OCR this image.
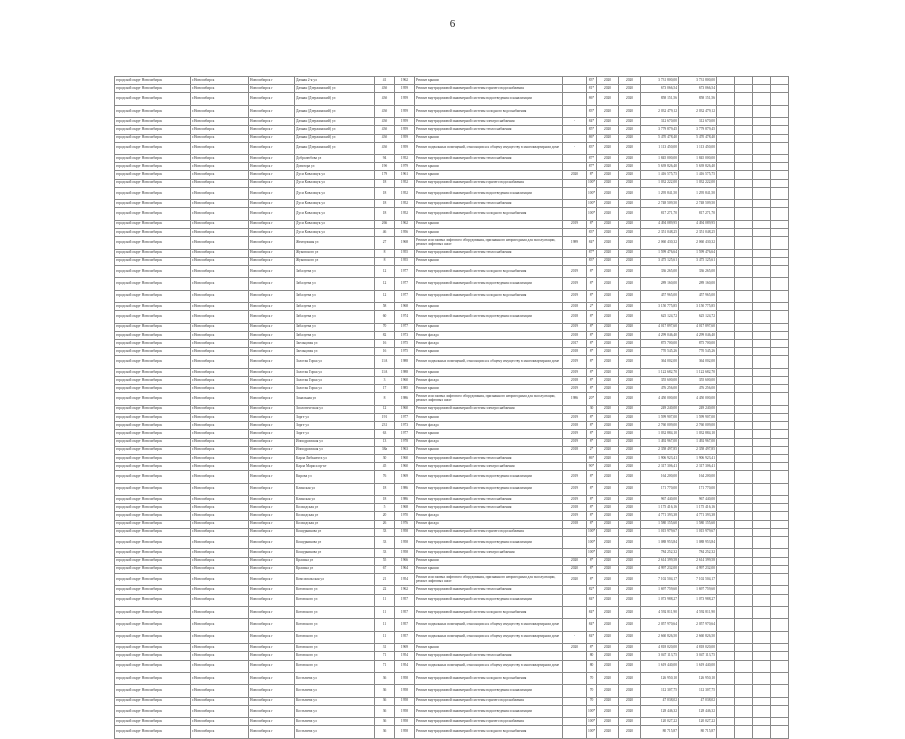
6
городской округ Новосибирск	г.Новосибирск	Новосибирск г	Дачная 2-я ул	41	1962	Ремонт крыши		83*	2020	2020	3 731 800,00	3 731 800,00				
городской округ Новосибирск	г.Новосибирск	Новосибирск г	Дачная (Дзержинский) ул	43б	1959	Ремонт внутридомовой инженерной системы горячего водоснабжения		81*	2020	2020	673 066,54	673 066,54				
городской округ Новосибирск	г.Новосибирск	Новосибирск г	Дачная (Дзержинский) ул	43б	1959	Ремонт внутридомовой инженерной системы водоотведения и канализации		86*	2020	2020	858 151,56	858 151,56				
городской округ Новосибирск	г.Новосибирск	Новосибирск г	Дачная (Дзержинский) ул	43б	1959	Ремонт внутридомовой инженерной системы холодного водоснабжения		83*	2020	2020	2 032 479,12	2 032 479,12				
городской округ Новосибирск	г.Новосибирск	Новосибирск г	Дачная (Дзержинский) ул	43б	1959	Ремонт внутридомовой инженерной системы электроснабжения	-	84*	2020	2020	312 670,00	312 670,00				
городской округ Новосибирск	г.Новосибирск	Новосибирск г	Дачная (Дзержинский) ул	43б	1959	Ремонт внутридомовой инженерной системы теплоснабжения		85*	2020	2020	3 779 879,45	3 779 879,45				
городской округ Новосибирск	г.Новосибирск	Новосибирск г	Дачная (Дзержинский) ул	43б	1959	Ремонт крыши		86*	2020	2020	5 470 478,40	5 470 478,40				
городской округ Новосибирск	г.Новосибирск	Новосибирск г	Дачная (Дзержинский) ул	43б	1959	Ремонт подвальных помещений, относящихся к общему имуществу в многоквартирном доме	-	83*	2020	2020	1 113 450,00	1 113 450,00				
городской округ Новосибирск	г.Новосибирск	Новосибирск г	Добролюбова ул	94	1952	Ремонт внутридомовой инженерной системы теплоснабжения		87*	2020	2020	1 845 000,00	1 845 000,00				
городской округ Новосибирск	г.Новосибирск	Новосибирск г	Доватора ул	19б	1979	Ремонт крыши		87*	2020	2020	5 639 826,40	5 639 826,40				
городской округ Новосибирск	г.Новосибирск	Новосибирск г	Дуси Ковальчук ул	179	1961	Ремонт крыши	2020	8*	2020	2020	1 416 575,75	1 416 575,75				
городской округ Новосибирск	г.Новосибирск	Новосибирск г	Дуси Ковальчук ул	18	1952	Ремонт внутридомовой инженерной системы горячего водоснабжения		100*	2020	2020	1 032 222,00	1 032 222,00				
городской округ Новосибирск	г.Новосибирск	Новосибирск г	Дуси Ковальчук ул	18	1952	Ремонт внутридомовой инженерной системы водоотведения и канализации		100*	2020	2020	1 295 841,50	1 295 841,50				
городской округ Новосибирск	г.Новосибирск	Новосибирск г	Дуси Ковальчук ул	18	1952	Ремонт внутридомовой инженерной системы теплоснабжения		100*	2020	2020	2 748 509,50	2 748 509,50				
городской округ Новосибирск	г.Новосибирск	Новосибирск г	Дуси Ковальчук ул	18	1952	Ремонт внутридомовой инженерной системы холодного водоснабжения		100*	2020	2020	817 271,70	817 271,70				
городской округ Новосибирск	г.Новосибирск	Новосибирск г	Дуси Ковальчук ул	266	1962	Ремонт крыши	2019	8*	2020	2020	4 494 089,95	4 494 089,95				
городской округ Новосибирск	г.Новосибирск	Новосибирск г	Дуси Ковальчук ул	46	1956	Ремонт крыши		83*	2020	2020	2 351 048,25	2 351 048,25				
городской округ Новосибирск	г.Новосибирск	Новосибирск г	Жемчужная ул	27	1968	Ремонт или замена лифтового оборудования, признанного непригодным для эксплуатации, ремонт лифтовых шахт	1989	84*	2020	2020	2 060 430,32	2 060 430,32				
городской округ Новосибирск	г.Новосибирск	Новосибирск г	Жуковского ул	8	1955	Ремонт внутридомовой инженерной системы теплоснабжения		87*	2020	2020	1 599 476,64	1 599 476,64				
городской округ Новосибирск	г.Новосибирск	Новосибирск г	Жуковского ул	8	1955	Ремонт крыши		83*	2020	2020	3 475 125,61	3 475 125,61				
городской округ Новосибирск	г.Новосибирск	Новосибирск г	Забалуева ул	12	1977	Ремонт внутридомовой инженерной системы холодного водоснабжения	2019	8*	2020	2020	336 265,00	336 265,00				
городской округ Новосибирск	г.Новосибирск	Новосибирск г	Забалуева ул	12	1977	Ремонт внутридомовой инженерной системы водоотведения и канализации	2019	8*	2020	2020	289 160,00	289 160,00				
городской округ Новосибирск	г.Новосибирск	Новосибирск г	Забалуева ул	12	1977	Ремонт внутридомовой инженерной системы холодного водоснабжения	2019	8*	2020	2020	457 965,00	457 965,00				
городской округ Новосибирск	г.Новосибирск	Новосибирск г	Забалуева ул	58	1968	Ремонт крыши	2018	2*	2020	2020	3 150 775,85	3 150 775,85				
городской округ Новосибирск	г.Новосибирск	Новосибирск г	Забалуева ул	60	1974	Ремонт внутридомовой инженерной системы водоотведения и канализации	2018	8*	2020	2020	625 124,72	625 124,72				
городской округ Новосибирск	г.Новосибирск	Новосибирск г	Забалуева ул	70	1977	Ремонт крыши	2019	8*	2020	2020	4 017 897,60	4 017 897,60				
городской округ Новосибирск	г.Новосибирск	Новосибирск г	Забалуева ул	82	1973	Ремонт фасада	2018	8*	2020	2020	4 299 046,40	4 299 046,40				
городской округ Новосибирск	г.Новосибирск	Новосибирск г	Заельцовая ул	16	1975	Ремонт фасада	2017	8*	2020	2020	875 700,00	875 700,00				
городской округ Новосибирск	г.Новосибирск	Новосибирск г	Заельцовая ул	16	1975	Ремонт крыши	2018	8*	2020	2020	770 545,26	770 545,26				
городской округ Новосибирск	г.Новосибирск	Новосибирск г	Золотая Горка ул	11А	1988	Ремонт подвальных помещений, относящихся к общему имуществу в многоквартирном доме	2019	8*	2020	2020	364 002,00	364 002,00				
городской округ Новосибирск	г.Новосибирск	Новосибирск г	Золотая Горка ул	11А	1988	Ремонт крыши	2019	8*	2020	2020	1 122 682,70	1 122 682,70				
городской округ Новосибирск	г.Новосибирск	Новосибирск г	Золотая Горка ул	3	1960	Ремонт фасада	2018	8*	2020	2020	355 600,00	355 600,00				
городской округ Новосибирск	г.Новосибирск	Новосибирск г	Золотая Горка ул	17	1985	Ремонт крыши	2019	8*	2020	2020	476 256,00	476 256,00				
городской округ Новосибирск	г.Новосибирск	Новосибирск г	Зональная ул	8	1986	Ремонт или замена лифтового оборудования, признанного непригодным для эксплуатации, ремонт лифтовых шахт	1986	20*	2020	2020	4 450 000,00	4 450 000,00				
городской округ Новосибирск	г.Новосибирск	Новосибирск г	Зоологическая ул	12	1960	Ремонт внутридомовой инженерной системы электроснабжения		30	2020	2020	249 240,00	249 240,00				
городской округ Новосибирск	г.Новосибирск	Новосибирск г	Зорге ул	191	1977	Ремонт крыши	2019	8*	2020	2020	1 599 907,00	1 599 907,00				
городской округ Новосибирск	г.Новосибирск	Новосибирск г	Зорге ул	231	1973	Ремонт фасада	2018	8*	2020	2020	2 760 009,00	2 760 009,00				
городской округ Новосибирск	г.Новосибирск	Новосибирск г	Зорге ул	63	1977	Ремонт крыши	2019	8*	2020	2020	1 032 884,10	1 032 884,10				
городской округ Новосибирск	г.Новосибирск	Новосибирск г	Ипподромская ул	13	1978	Ремонт фасада	2019	8*	2020	2020	1 492 967,00	1 492 967,00				
городской округ Новосибирск	г.Новосибирск	Новосибирск г	Ипподромская ул	38а	1963	Ремонт крыши	2018	2*	2020	2020	2 358 497,85	2 358 497,85				
городской округ Новосибирск	г.Новосибирск	Новосибирск г	Карла Либкнехта ул	30	1960	Ремонт внутридомовой инженерной системы теплоснабжения		86*	2020	2020	1 906 923,41	1 906 923,41				
городской округ Новосибирск	г.Новосибирск	Новосибирск г	Карла Маркса пр-кт	45	1960	Ремонт внутридомовой инженерной системы электроснабжения		90*	2020	2020	2 317 306,41	2 317 306,41				
городской округ Новосибирск	г.Новосибирск	Новосибирск г	Кирова ул	76	1969	Ремонт внутридомовой инженерной системы водоотведения и канализации	2019	8*	2020	2020	164 200,00	164 200,00				
городской округ Новосибирск	г.Новосибирск	Новосибирск г	Клинская ул	18	1986	Ремонт внутридомовой инженерной системы водоотведения и канализации	2019	8*	2020	2020	171 770,00	171 770,00				
городской округ Новосибирск	г.Новосибирск	Новосибирск г	Клинская ул	18	1986	Ремонт внутридомовой инженерной системы теплоснабжения	2019	8*	2020	2020	967 440,00	967 440,00				
городской округ Новосибирск	г.Новосибирск	Новосибирск г	Колхидская ул	5	1968	Ремонт внутридомовой инженерной системы теплоснабжения	2018	8*	2020	2020	1 175 416,16	1 175 416,16				
городской округ Новосибирск	г.Новосибирск	Новосибирск г	Колхидская ул	20	1970	Ремонт фасада	2019	8*	2020	2020	4 771 393,38	4 771 393,38				
городской округ Новосибирск	г.Новосибирск	Новосибирск г	Колхидская ул	26	1976	Ремонт фасада	2018	8*	2020	2020	1 580 155,60	1 580 155,60				
городской округ Новосибирск	г.Новосибирск	Новосибирск г	Кошурникова ул	33	1958	Ремонт внутридомовой инженерной системы горячего водоснабжения		100*	2020	2020	1 015 979,67	1 015 979,67				
городской округ Новосибирск	г.Новосибирск	Новосибирск г	Кошурникова ул	33	1958	Ремонт внутридомовой инженерной системы водоотведения и канализации		100*	2020	2020	1 088 953,84	1 088 953,84				
городской округ Новосибирск	г.Новосибирск	Новосибирск г	Кошурникова ул	33	1958	Ремонт внутридомовой инженерной системы электроснабжения		100*	2020	2020	784 252,32	784 252,32				
городской округ Новосибирск	г.Новосибирск	Новосибирск г	Красина ул	55	1966	Ремонт крыши	2020	8*	2020	2020	2 614 399,58	2 614 399,58				
городской округ Новосибирск	г.Новосибирск	Новосибирск г	Красина ул	67	1964	Ремонт крыши	2020	8*	2020	2020	4 997 232,00	4 997 232,00				
городской округ Новосибирск	г.Новосибирск	Новосибирск г	Комсомольская ул	21	1954	Ремонт или замена лифтового оборудования, признанного непригодным для эксплуатации, ремонт лифтовых шахт	2020	8*	2020	2020	7 102 504,17	7 102 504,17				
городской округ Новосибирск	г.Новосибирск	Новосибирск г	Котовского ул	22	1962	Ремонт внутридомовой инженерной системы теплоснабжения		82*	2020	2020	1 697 759,60	1 697 759,60				
городской округ Новосибирск	г.Новосибирск	Новосибирск г	Котовского ул	11	1957	Ремонт внутридомовой инженерной системы водоотведения и канализации		84*	2020	2020	1 073 988,27	1 073 988,27				
городской округ Новосибирск	г.Новосибирск	Новосибирск г	Котовского ул	11	1957	Ремонт внутридомовой инженерной системы холодного водоснабжения		84*	2020	2020	4 592 811,90	4 592 811,90				
городской округ Новосибирск	г.Новосибирск	Новосибирск г	Котовского ул	11	1957	Ремонт подвальных помещений, относящихся к общему имуществу в многоквартирном доме		84*	2020	2020	2 057 970,64	2 057 970,64				
городской округ Новосибирск	г.Новосибирск	Новосибирск г	Котовского ул	11	1957	Ремонт подвальных помещений, относящихся к общему имуществу в многоквартирном доме	-	84*	2020	2020	2 660 826,50	2 660 826,50				
городской округ Новосибирск	г.Новосибирск	Новосибирск г	Котовского ул	31	1969	Ремонт крыши	2020	8*	2020	2020	4 818 020,00	4 818 020,00				
городской округ Новосибирск	г.Новосибирск	Новосибирск г	Котовского ул	71	1954	Ремонт внутридомовой инженерной системы теплоснабжения		80	2020	2020	3 047 113,75	3 047 113,75				
городской округ Новосибирск	г.Новосибирск	Новосибирск г	Котовского ул	71	1954	Ремонт подвальных помещений, относящихся к общему имуществу в многоквартирном доме		80	2020	2020	1 619 440,00	1 619 440,00				
городской округ Новосибирск	г.Новосибирск	Новосибирск г	Костычева ул	36	1958	Ремонт внутридомовой инженерной системы холодного водоснабжения		70	2020	2020	126 950,10	126 950,10				
городской округ Новосибирск	г.Новосибирск	Новосибирск г	Костычева ул	36	1958	Ремонт внутридомовой инженерной системы водоотведения и канализации		70	2020	2020	112 307,75	112 307,75				
городской округ Новосибирск	г.Новосибирск	Новосибирск г	Костычева ул	36	1958	Ремонт внутридомовой инженерной системы горячего водоснабжения		70	2020	2020	47 038,02	47 038,02				
городской округ Новосибирск	г.Новосибирск	Новосибирск г	Костычева ул	36	1958	Ремонт внутридомовой инженерной системы водоотведения и канализации		100*	2020	2020	128 446,32	128 446,32				
городской округ Новосибирск	г.Новосибирск	Новосибирск г	Костычева ул	36	1958	Ремонт внутридомовой инженерной системы горячего водоснабжения		100*	2020	2020	120 027,22	120 027,22				
городской округ Новосибирск	г.Новосибирск	Новосибирск г	Костычева ул	36	1958	Ремонт внутридомовой инженерной системы холодного водоснабжения		100*	2020	2020	80 715,87	80 715,87				
